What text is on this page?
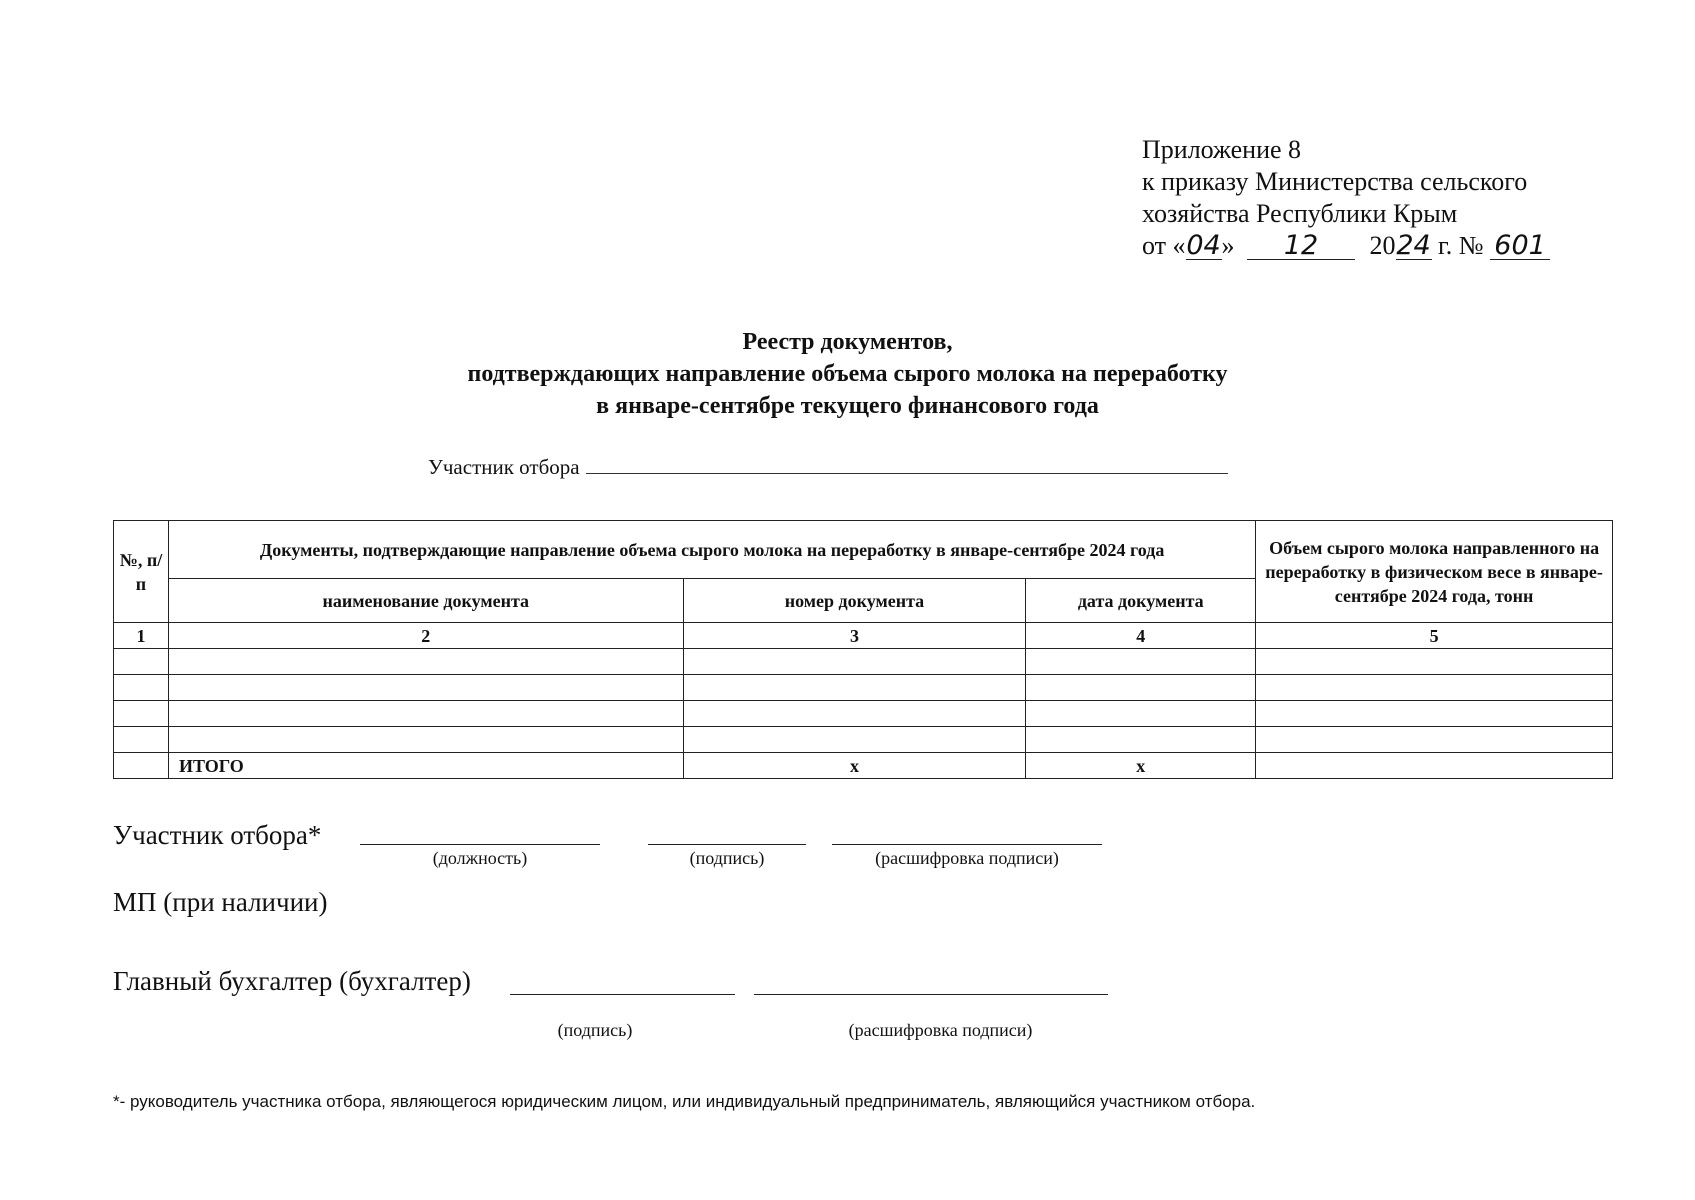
Приложение 8
к приказу Министерства сельского
хозяйства Республики Крым
от «04» 12 2024 г. № 601
Реестр документов,
подтверждающих направление объема сырого молока на переработку
в январе-сентябре текущего финансового года
Участник отбора
№, п/п	Документы, подтверждающие направление объема сырого молока на переработку в январе-сентябре 2024 года			Объем сырого молока направленного на переработку в физическом весе в январе-сентябре 2024 года, тонн
	наименование документа	номер документа	дата документа	
1	2	3	4	5

	ИТОГО	х	х	
Участник отбора*
(должность)	(подпись)	(расшифровка подписи)
МП (при наличии)
Главный бухгалтер (бухгалтер)
(подпись)	(расшифровка подписи)
*- руководитель участника отбора, являющегося юридическим лицом, или индивидуальный предприниматель, являющийся участником отбора.
